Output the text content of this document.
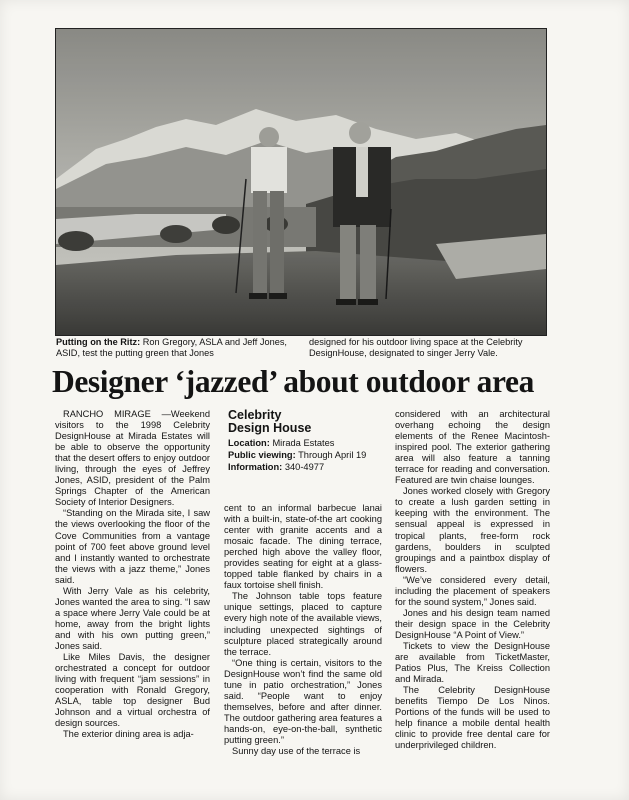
Putting on the Ritz: Ron Gregory, ASLA and Jeff Jones, ASID, test the putting green that Jones
designed for his outdoor living space at the Celebrity DesignHouse, designated to singer Jerry Vale.
Designer ‘jazzed’ about outdoor area

RANCHO MIRAGE —Weekend visitors to the 1998 Celebrity DesignHouse at Mirada Estates will be able to observe the opportunity that the desert offers to enjoy outdoor living, through the eyes of Jeffrey Jones, ASID, president of the Palm Springs Chapter of the American Society of Interior Designers.

“Standing on the Mirada site, I saw the views overlooking the floor of the Cove Communities from a vantage point of 700 feet above ground level and I instantly wanted to orchestrate the views with a jazz theme,” Jones said.

With Jerry Vale as his celebrity, Jones wanted the area to sing. “I saw a space where Jerry Vale could be at home, away from the bright lights and with his own putting green,” Jones said.

Like Miles Davis, the designer orchestrated a concept for outdoor living with frequent “jam sessions” in cooperation with Ronald Gregory, ASLA, table top designer Bud Johnson and a virtual orchestra of design sources.

The exterior dining area is adja-

Celebrity
Design House
Location: Mirada Estates
Public viewing: Through April 19
Information: 340-4977

cent to an informal barbecue lanai with a built-in, state-of-the art cooking center with granite accents and a mosaic facade. The dining terrace, perched high above the valley floor, provides seating for eight at a glass-topped table flanked by chairs in a faux tortoise shell finish.

The Johnson table tops feature unique settings, placed to capture every high note of the available views, including unexpected sightings of sculpture placed strategically around the terrace.

“One thing is certain, visitors to the DesignHouse won’t find the same old tune in patio orchestration,” Jones said. “People want to enjoy themselves, before and after dinner. The outdoor gathering area features a hands-on, eye-on-the-ball, synthetic putting green.”

Sunny day use of the terrace is

considered with an architectural overhang echoing the design elements of the Renee Macintosh-inspired pool. The exterior gathering area will also feature a tanning terrace for reading and conversation. Featured are twin chaise lounges.

Jones worked closely with Gregory to create a lush garden setting in keeping with the environment. The sensual appeal is expressed in tropical plants, free-form rock gardens, boulders in sculpted groupings and a paintbox display of flowers.

“We’ve considered every detail, including the placement of speakers for the sound system,” Jones said.

Jones and his design team named their design space in the Celebrity DesignHouse “A Point of View.”

Tickets to view the DesignHouse are available from TicketMaster, Patios Plus, The Kreiss Collection and Mirada.

The Celebrity DesignHouse benefits Tiempo De Los Ninos. Portions of the funds will be used to help finance a mobile dental health clinic to provide free dental care for underprivileged children.
